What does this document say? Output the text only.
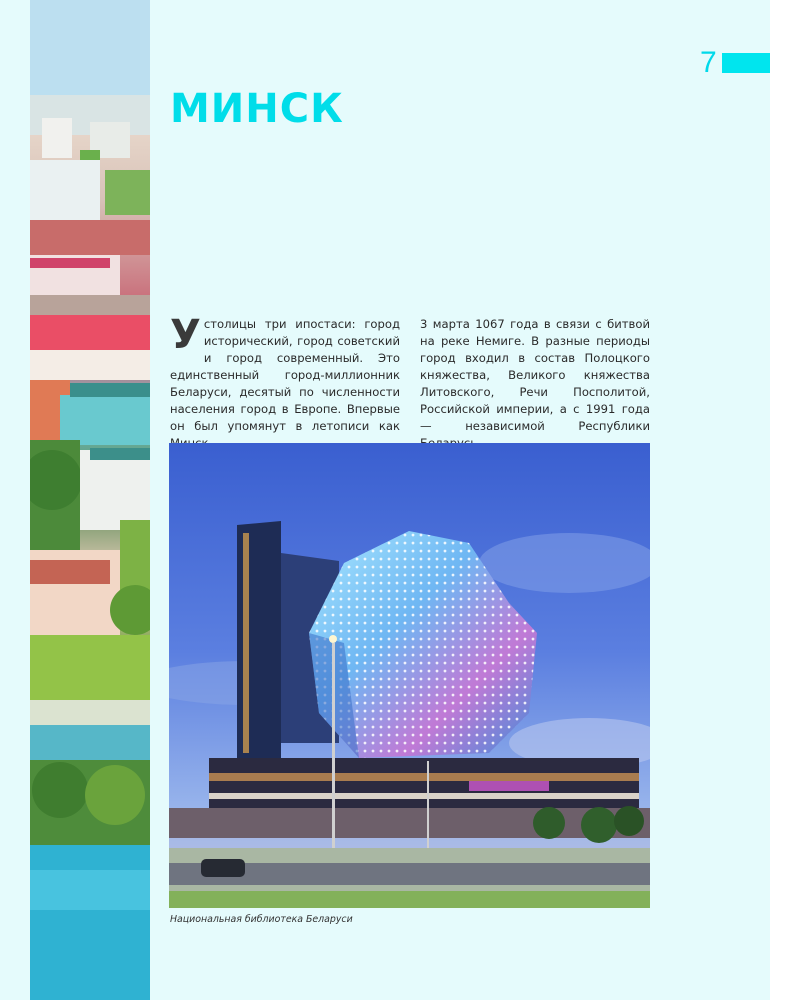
7
МИНСК

Устолицы три ипостаси: город исторический, город советский и город современный. Это единственный город-миллионник Беларуси, десятый по численности населения город в Европе. Впервые он был упомянут в летописи как

3 марта 1067 года в связи с битвой на реке Немиге. В разные периоды город входил в состав Полоцкого княжества, Великого княжества Литовского, Речи Посполитой, Российской империи, а с 1991 года — независимой Республики

Национальная библиотека Беларуси
